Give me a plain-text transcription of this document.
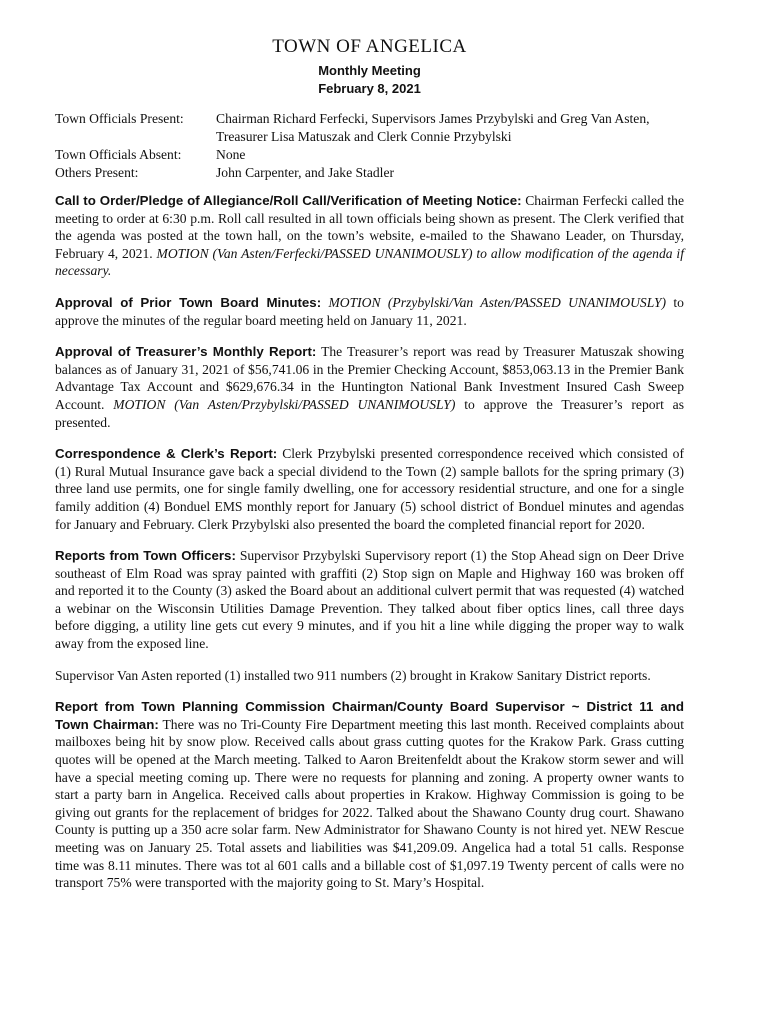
TOWN OF ANGELICA
Monthly Meeting
February 8, 2021
Town Officials Present:	Chairman Richard Ferfecki, Supervisors James Przybylski and Greg Van Asten, Treasurer Lisa Matuszak and Clerk Connie Przybylski
Town Officials Absent:	None
Others Present:	John Carpenter, and Jake Stadler

Call to Order/Pledge of Allegiance/Roll Call/Verification of Meeting Notice: Chairman Ferfecki called the meeting to order at 6:30 p.m. Roll call resulted in all town officials being shown as present. The Clerk verified that the agenda was posted at the town hall, on the town’s website, e-mailed to the Shawano Leader, on Thursday, February 4, 2021. MOTION (Van Asten/Ferfecki/PASSED UNANIMOUSLY) to allow modification of the agenda if necessary.

Approval of Prior Town Board Minutes: MOTION (Przybylski/Van Asten/PASSED UNANIMOUSLY) to approve the minutes of the regular board meeting held on January 11, 2021.

Approval of Treasurer’s Monthly Report: The Treasurer’s report was read by Treasurer Matuszak showing balances as of January 31, 2021 of $56,741.06 in the Premier Checking Account, $853,063.13 in the Premier Bank Advantage Tax Account and $629,676.34 in the Huntington National Bank Investment Insured Cash Sweep Account. MOTION (Van Asten/Przybylski/PASSED UNANIMOUSLY) to approve the Treasurer’s report as presented.

Correspondence & Clerk’s Report: Clerk Przybylski presented correspondence received which consisted of (1) Rural Mutual Insurance gave back a special dividend to the Town (2) sample ballots for the spring primary (3) three land use permits, one for single family dwelling, one for accessory residential structure, and one for a single family addition (4) Bonduel EMS monthly report for January (5) school district of Bonduel minutes and agendas for January and February. Clerk Przybylski also presented the board the completed financial report for 2020.

Reports from Town Officers: Supervisor Przybylski Supervisory report (1) the Stop Ahead sign on Deer Drive southeast of Elm Road was spray painted with graffiti (2) Stop sign on Maple and Highway 160 was broken off and reported it to the County (3) asked the Board about an additional culvert permit that was requested (4) watched a webinar on the Wisconsin Utilities Damage Prevention. They talked about fiber optics lines, call three days before digging, a utility line gets cut every 9 minutes, and if you hit a line while digging the proper way to walk away from the exposed line.

Supervisor Van Asten reported (1) installed two 911 numbers (2) brought in Krakow Sanitary District reports.

Report from Town Planning Commission Chairman/County Board Supervisor ~ District 11 and Town Chairman: There was no Tri-County Fire Department meeting this last month. Received complaints about mailboxes being hit by snow plow. Received calls about grass cutting quotes for the Krakow Park. Grass cutting quotes will be opened at the March meeting. Talked to Aaron Breitenfeldt about the Krakow storm sewer and will have a special meeting coming up. There were no requests for planning and zoning. A property owner wants to start a party barn in Angelica. Received calls about properties in Krakow. Highway Commission is going to be giving out grants for the replacement of bridges for 2022. Talked about the Shawano County drug court. Shawano County is putting up a 350 acre solar farm. New Administrator for Shawano County is not hired yet. NEW Rescue meeting was on January 25. Total assets and liabilities was $41,209.09. Angelica had a total 51 calls. Response time was 8.11 minutes. There was tot al 601 calls and a billable cost of $1,097.19 Twenty percent of calls were no transport 75% were transported with the majority going to St. Mary’s Hospital.
